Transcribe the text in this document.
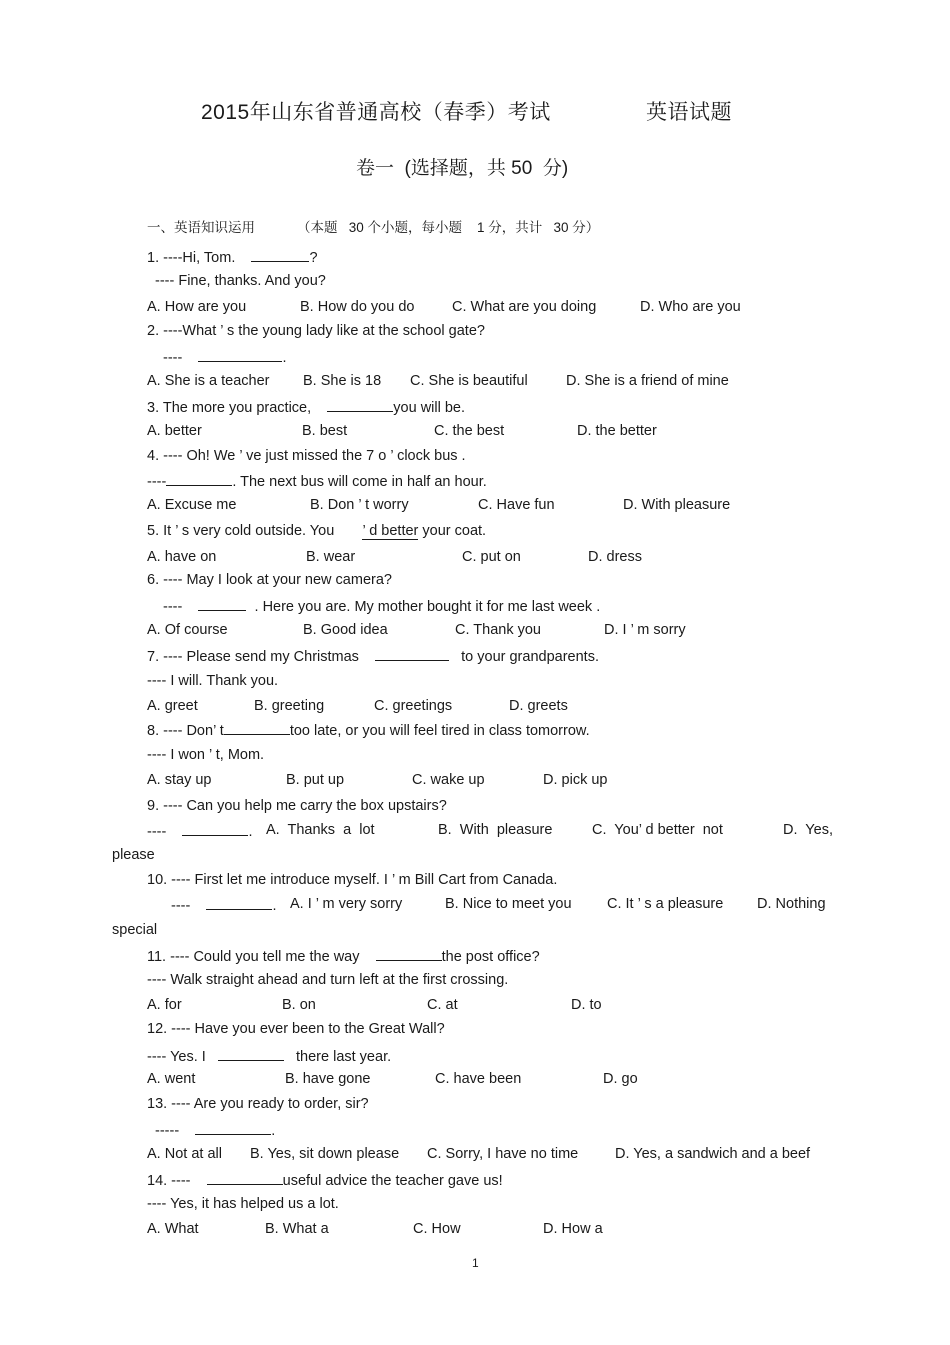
2015年山东省普通高校（春季）考试	英语试题
卷一  (选择题，共 50  分)
一、英语知识运用	（本题   30 个小题，每小题    1 分，共计   30 分）
1. ----Hi, Tom.	?
---- Fine, thanks. And you?
A. How are you	B. How do you do	C. What are you doing	D. Who are you
2. ----What ’ s the young lady like at the school gate?
----	.
A. She is a teacher B. She is 18 C. She is beautiful	D. She is a friend of mine
3. The more you practice,	you will be.
A. better	B. best	C. the best	D. the better
4. ---- Oh! We ’ ve just missed the 7 o ’ clock bus .
----	. The next bus will come in half an hour.
A. Excuse me	B. Don ’ t worry	C. Have fun	D. With pleasure
5. It ’ s very cold outside. You ’ d better your coat.
A. have on	B. wear	C. put on	D. dress
6. ---- May I look at your new camera?
----	. Here you are. My mother bought it for me last week .
A. Of course	B. Good idea	C. Thank you	D. I ’ m sorry
7. ---- Please send my Christmas	to your grandparents.
---- I will. Thank you.
A. greet	B. greeting	C. greetings	D. greets
8. ---- Don’ t	too late, or you will feel tired in class tomorrow.
---- I won ’ t, Mom.
A. stay up	B. put up	C. wake up	D. pick up
9. ---- Can you help me carry the box upstairs?
----	. A.  Thanks  a  lot	B.  With  pleasure	C.  You’ d better  not	D.  Yes,
please
10. ---- First let me introduce myself. I ’ m Bill Cart from Canada.
----	. A. I ’ m very sorry	B. Nice to meet you C. It ’ s a pleasure D. Nothing
special
11. ---- Could you tell me the way	the post office?
---- Walk straight ahead and turn left at the first crossing.
A. for	B. on	C. at	D. to
12. ---- Have you ever been to the Great Wall?
---- Yes. I	there last year.
A. went	B. have gone	C. have been	D. go
13. ---- Are you ready to order, sir?
-----	.
A. Not at all B. Yes, sit down please C. Sorry, I have no time	D. Yes, a sandwich and a beef
14. ----	useful advice the teacher gave us!
---- Yes, it has helped us a lot.
A. What	B. What a	C. How	D. How a
1
